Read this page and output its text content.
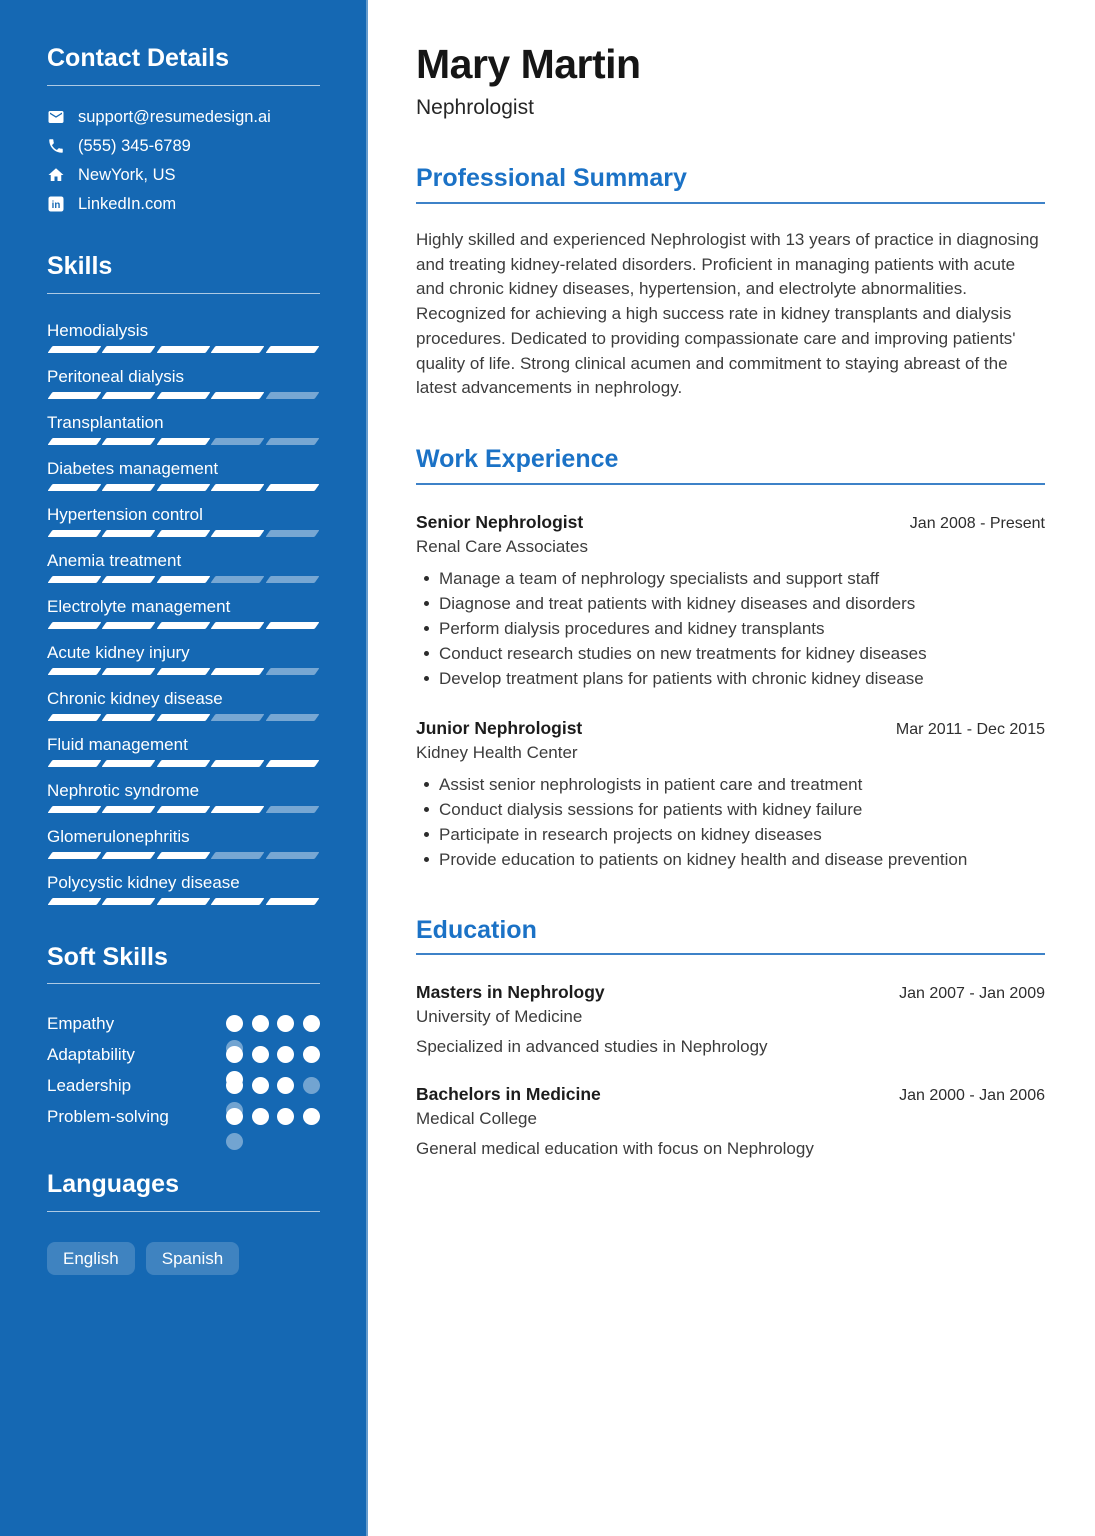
Contact Details
support@resumedesign.ai
(555) 345-6789
NewYork, US
in LinkedIn.com
Skills
Hemodialysis
Peritoneal dialysis
Transplantation
Diabetes management
Hypertension control
Anemia treatment
Electrolyte management
Acute kidney injury
Chronic kidney disease
Fluid management
Nephrotic syndrome
Glomerulonephritis
Polycystic kidney disease
Soft Skills
Empathy
Adaptability
Leadership
Problem-solving
Languages
English	Spanish
Mary Martin
Nephrologist
Professional Summary

Highly skilled and experienced Nephrologist with 13 years of practice in diagnosing and treating kidney-related disorders. Proficient in managing patients with acute and chronic kidney diseases, hypertension, and electrolyte abnormalities. Recognized for achieving a high success rate in kidney transplants and dialysis procedures. Dedicated to providing compassionate care and improving patients' quality of life. Strong clinical acumen and commitment to staying abreast of the latest advancements in nephrology.

Work Experience
Senior Nephrologist	Jan 2008 - Present
Renal Care Associates
Manage a team of nephrology specialists and support staff
Diagnose and treat patients with kidney diseases and disorders
Perform dialysis procedures and kidney transplants
Conduct research studies on new treatments for kidney diseases
Develop treatment plans for patients with chronic kidney disease
Junior Nephrologist	Mar 2011 - Dec 2015
Kidney Health Center
Assist senior nephrologists in patient care and treatment
Conduct dialysis sessions for patients with kidney failure
Participate in research projects on kidney diseases
Provide education to patients on kidney health and disease prevention
Education
Masters in Nephrology	Jan 2007 - Jan 2009
University of Medicine
Specialized in advanced studies in Nephrology
Bachelors in Medicine	Jan 2000 - Jan 2006
Medical College
General medical education with focus on Nephrology
